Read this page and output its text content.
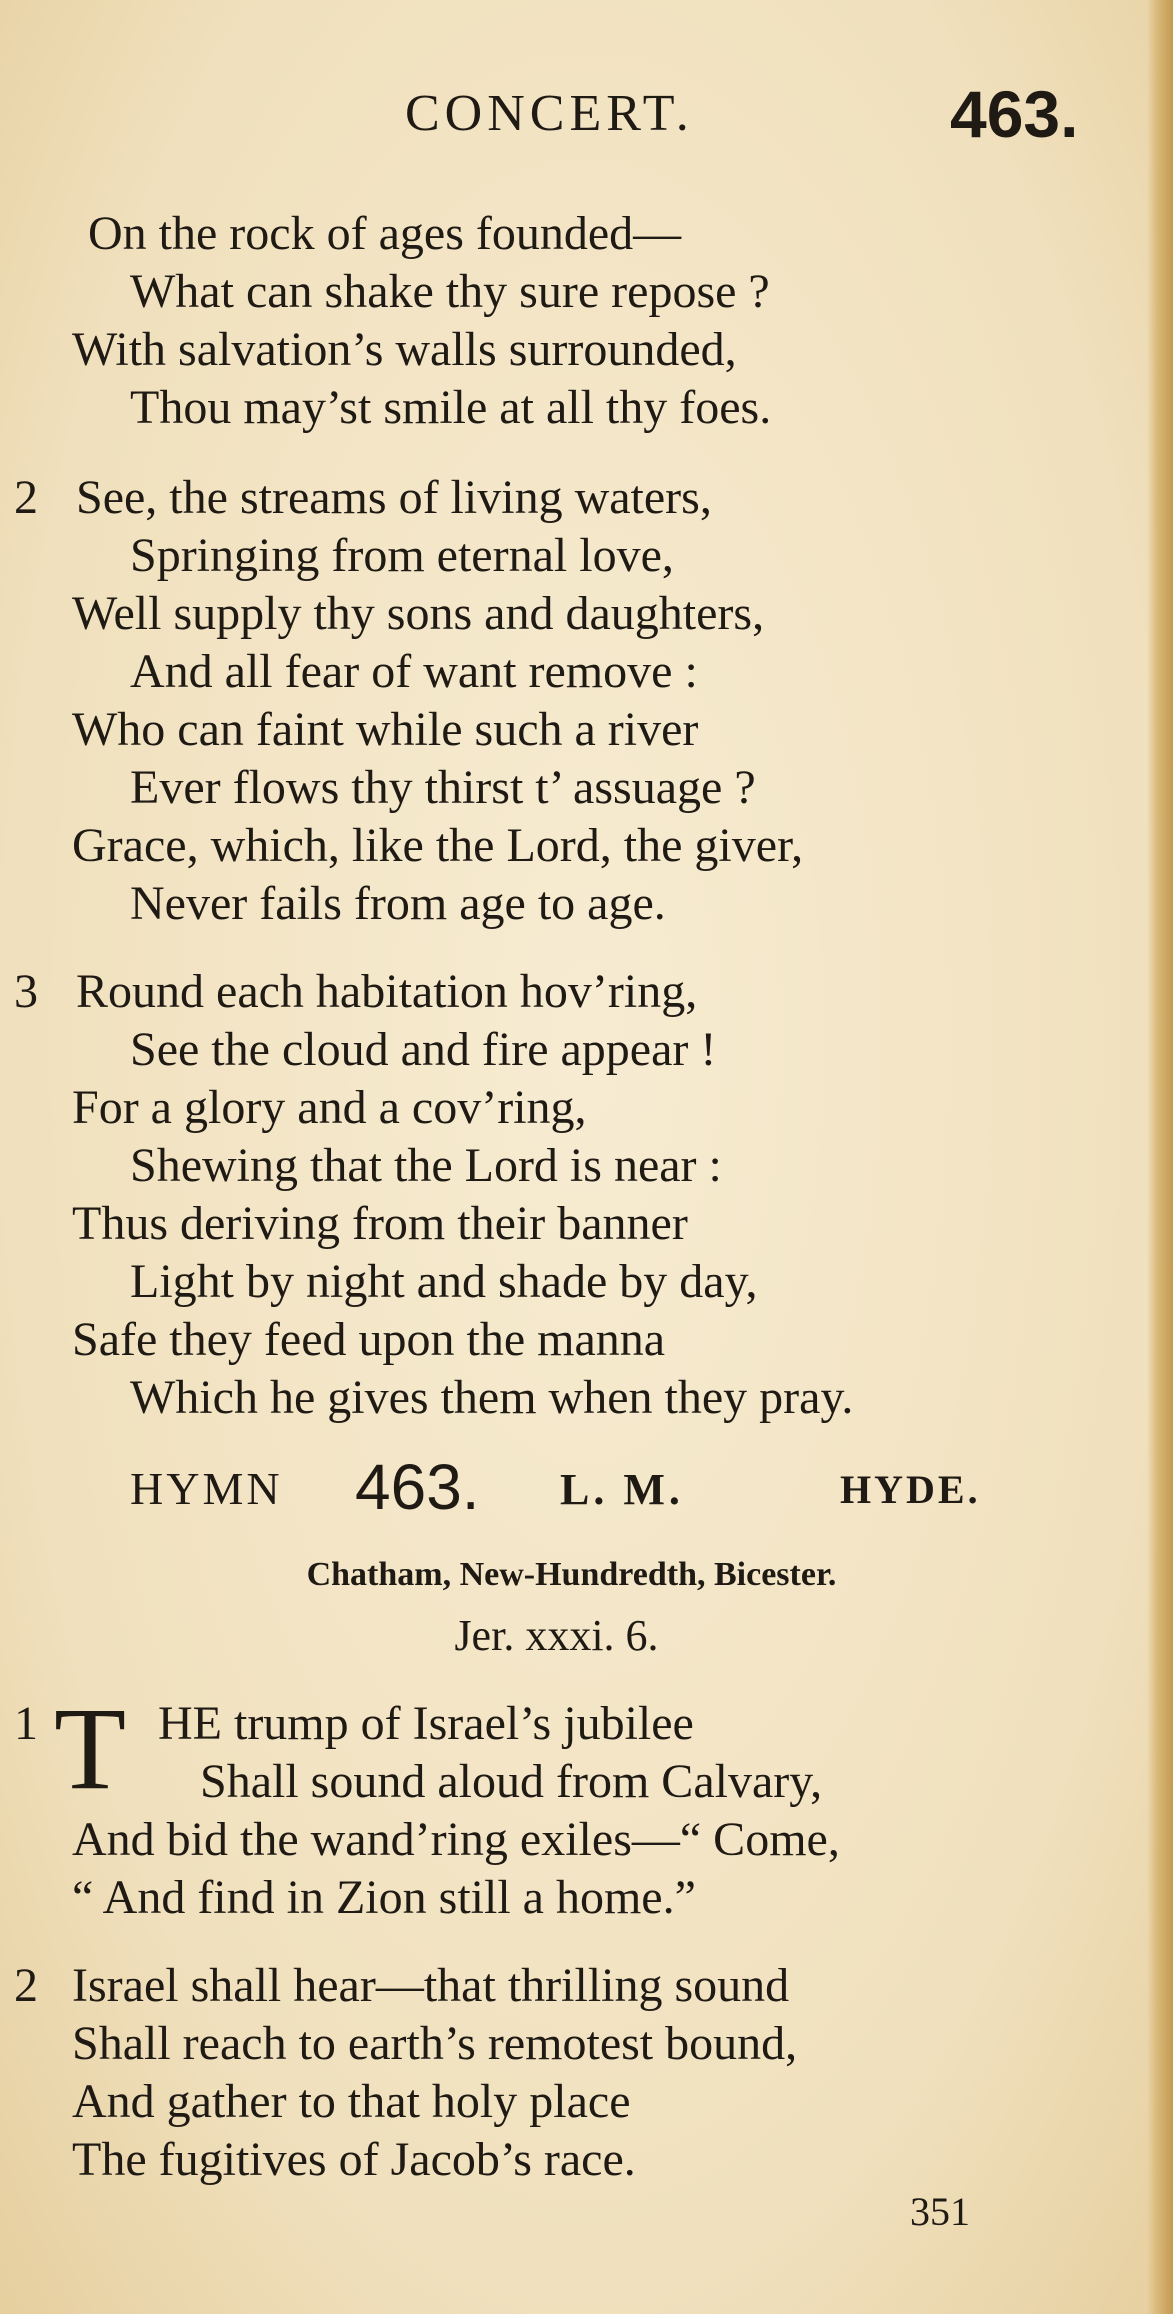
CONCERT.	463.
On the rock of ages founded—
What can shake thy sure repose ?
With salvation’s walls surrounded,
Thou may’st smile at all thy foes.
2 See, the streams of living waters,
Springing from eternal love,
Well supply thy sons and daughters,
And all fear of want remove :
Who can faint while such a river
Ever flows thy thirst t’ assuage ?
Grace, which, like the Lord, the giver,
Never fails from age to age.
3 Round each habitation hov’ring,
See the cloud and fire appear !
For a glory and a cov’ring,
Shewing that the Lord is near :
Thus deriving from their banner
Light by night and shade by day,
Safe they feed upon the manna
Which he gives them when they pray.
HYMN 463. L. M.	HYDE.
Chatham, New-Hundredth, Bicester.
Jer. xxxi. 6.
1 T HE trump of Israel’s jubilee
Shall sound aloud from Calvary,
And bid the wand’ring exiles—“ Come,
“ And find in Zion still a home.”
2 Israel shall hear—that thrilling sound
Shall reach to earth’s remotest bound,
And gather to that holy place
The fugitives of Jacob’s race.
351
